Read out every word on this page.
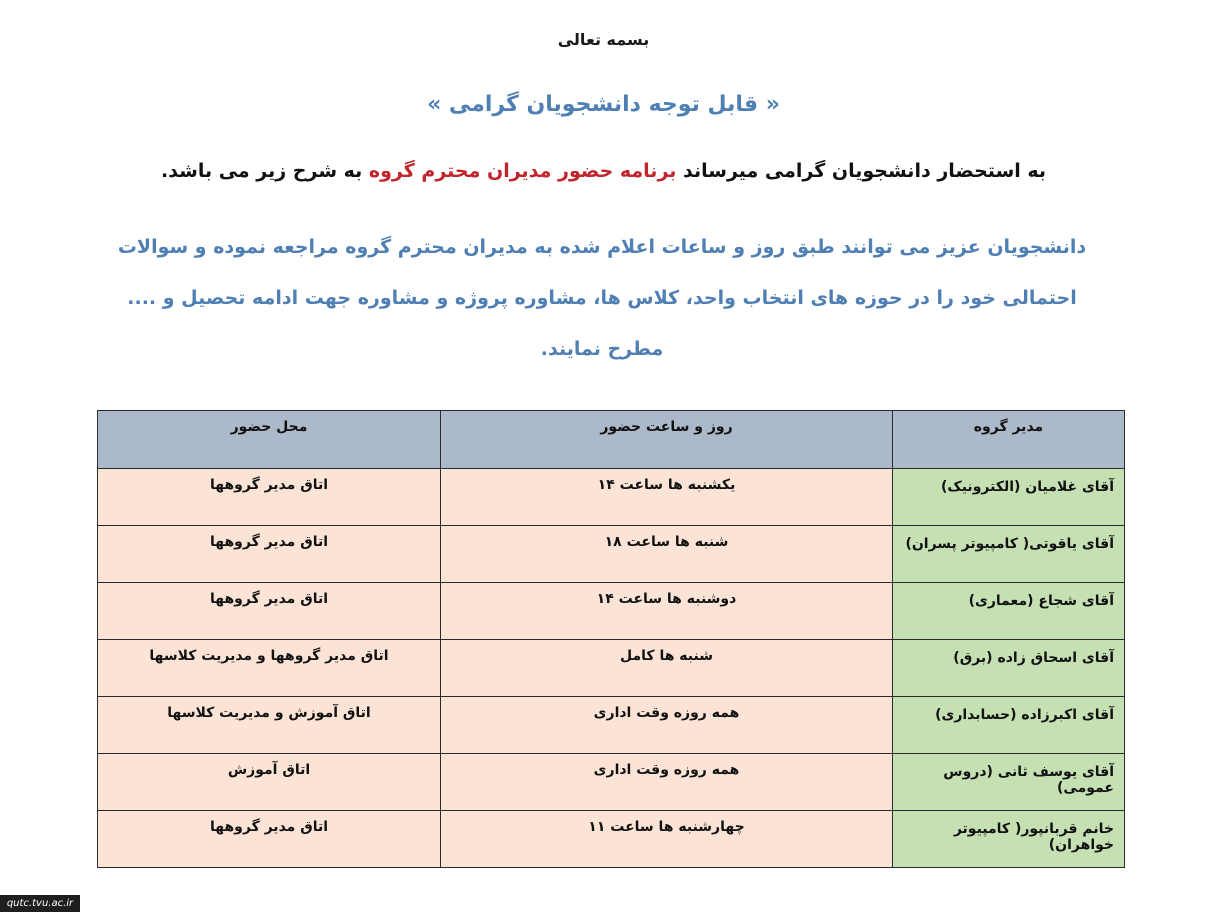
بسمه تعالی
« قابل توجه دانشجویان گرامی »
به استحضار دانشجویان گرامی میرساند برنامه حضور مدیران محترم گروه به شرح زیر می باشد.
دانشجویان عزیز می توانند طبق روز و ساعات اعلام شده به مدیران محترم گروه مراجعه نموده و سوالات
احتمالی خود را در حوزه های انتخاب واحد، کلاس ها، مشاوره پروژه و مشاوره جهت ادامه تحصیل و ....
مطرح نمایند.
مدیر گروه	روز و ساعت حضور	محل حضور
آقای غلامیان (الکترونیک)	یکشنبه ها ساعت ۱۴	اتاق مدیر گروهها
آقای یاقوتی( کامپیوتر پسران)	شنبه ها ساعت ۱۸	اتاق مدیر گروهها
آقای شجاع (معماری)	دوشنبه ها ساعت ۱۴	اتاق مدیر گروهها
آقای اسحاق زاده (برق)	شنبه ها کامل	اتاق مدیر گروهها و مدیریت کلاسها
آقای اکبرزاده (حسابداری)	همه روزه وقت اداری	اتاق آموزش و مدیریت کلاسها
آقای یوسف ثانی (دروس عمومی)	همه روزه وقت اداری	اتاق آموزش
خانم قربانپور( کامپیوتر خواهران)	چهارشنبه ها ساعت ۱۱	اتاق مدیر گروهها
qutc.tvu.ac.ir
